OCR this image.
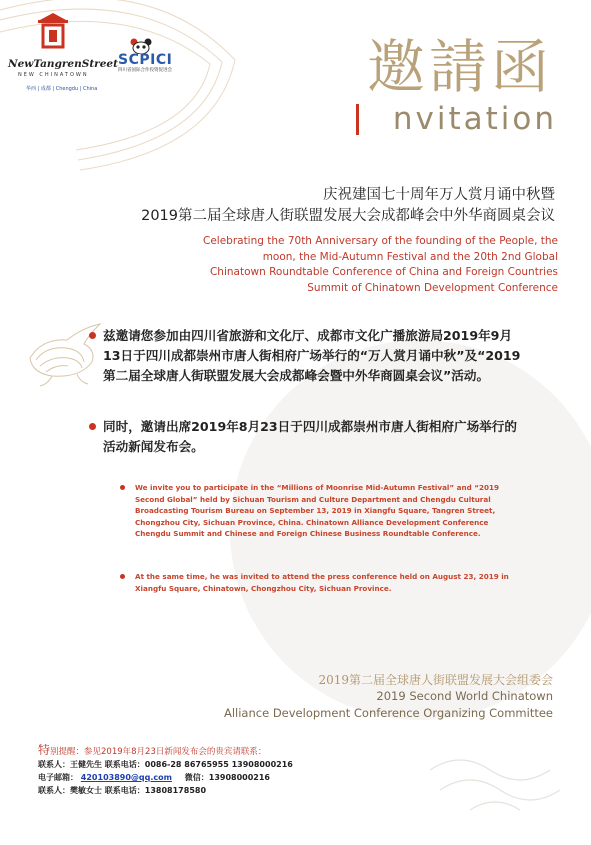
NewTangrenStreet
NEW CHINATOWN
华西 | 成都 | Chengdu | China
SCPICI
四川省国际合作投资促进会	邀請函
nvitation
庆祝建国七十周年万人赏月诵中秋暨
2019第二届全球唐人街联盟发展大会成都峰会中外华商圆桌会议
Celebrating the 70th Anniversary of the founding of the People, the
moon, the Mid-Autumn Festival and the 20th 2nd Global
Chinatown Roundtable Conference of China and Foreign Countries
Summit of Chinatown Development Conference
兹邀请您参加由四川省旅游和文化厅、成都市文化广播旅游局2019年9月13日于四川成都崇州市唐人街相府广场举行的“万人赏月诵中秋”及“2019第二届全球唐人街联盟发展大会成都峰会暨中外华商圆桌会议”活动。
同时，邀请出席2019年8月23日于四川成都崇州市唐人街相府广场举行的活动新闻发布会。
We invite you to participate in the “Millions of Moonrise Mid-Autumn Festival” and “2019 Second Global” held by Sichuan Tourism and Culture Department and Chengdu Cultural Broadcasting Tourism Bureau on September 13, 2019 in Xiangfu Square, Tangren Street, Chongzhou City, Sichuan Province, China. Chinatown Alliance Development Conference Chengdu Summit and Chinese and Foreign Chinese Business Roundtable Conference.
At the same time, he was invited to attend the press conference held on August 23, 2019 in Xiangfu Square, Chinatown, Chongzhou City, Sichuan Province.
2019第二届全球唐人街联盟发展大会组委会
2019 Second World Chinatown
Alliance Development Conference Organizing Committee
特别提醒：参见2019年8月23日新闻发布会的贵宾请联系：
联系人：王健先生 联系电话：0086-28 86765955 13908000216
电子邮箱： 420103890@qq.com 微信：13908000216
联系人：樊敏女士 联系电话：13808178580
